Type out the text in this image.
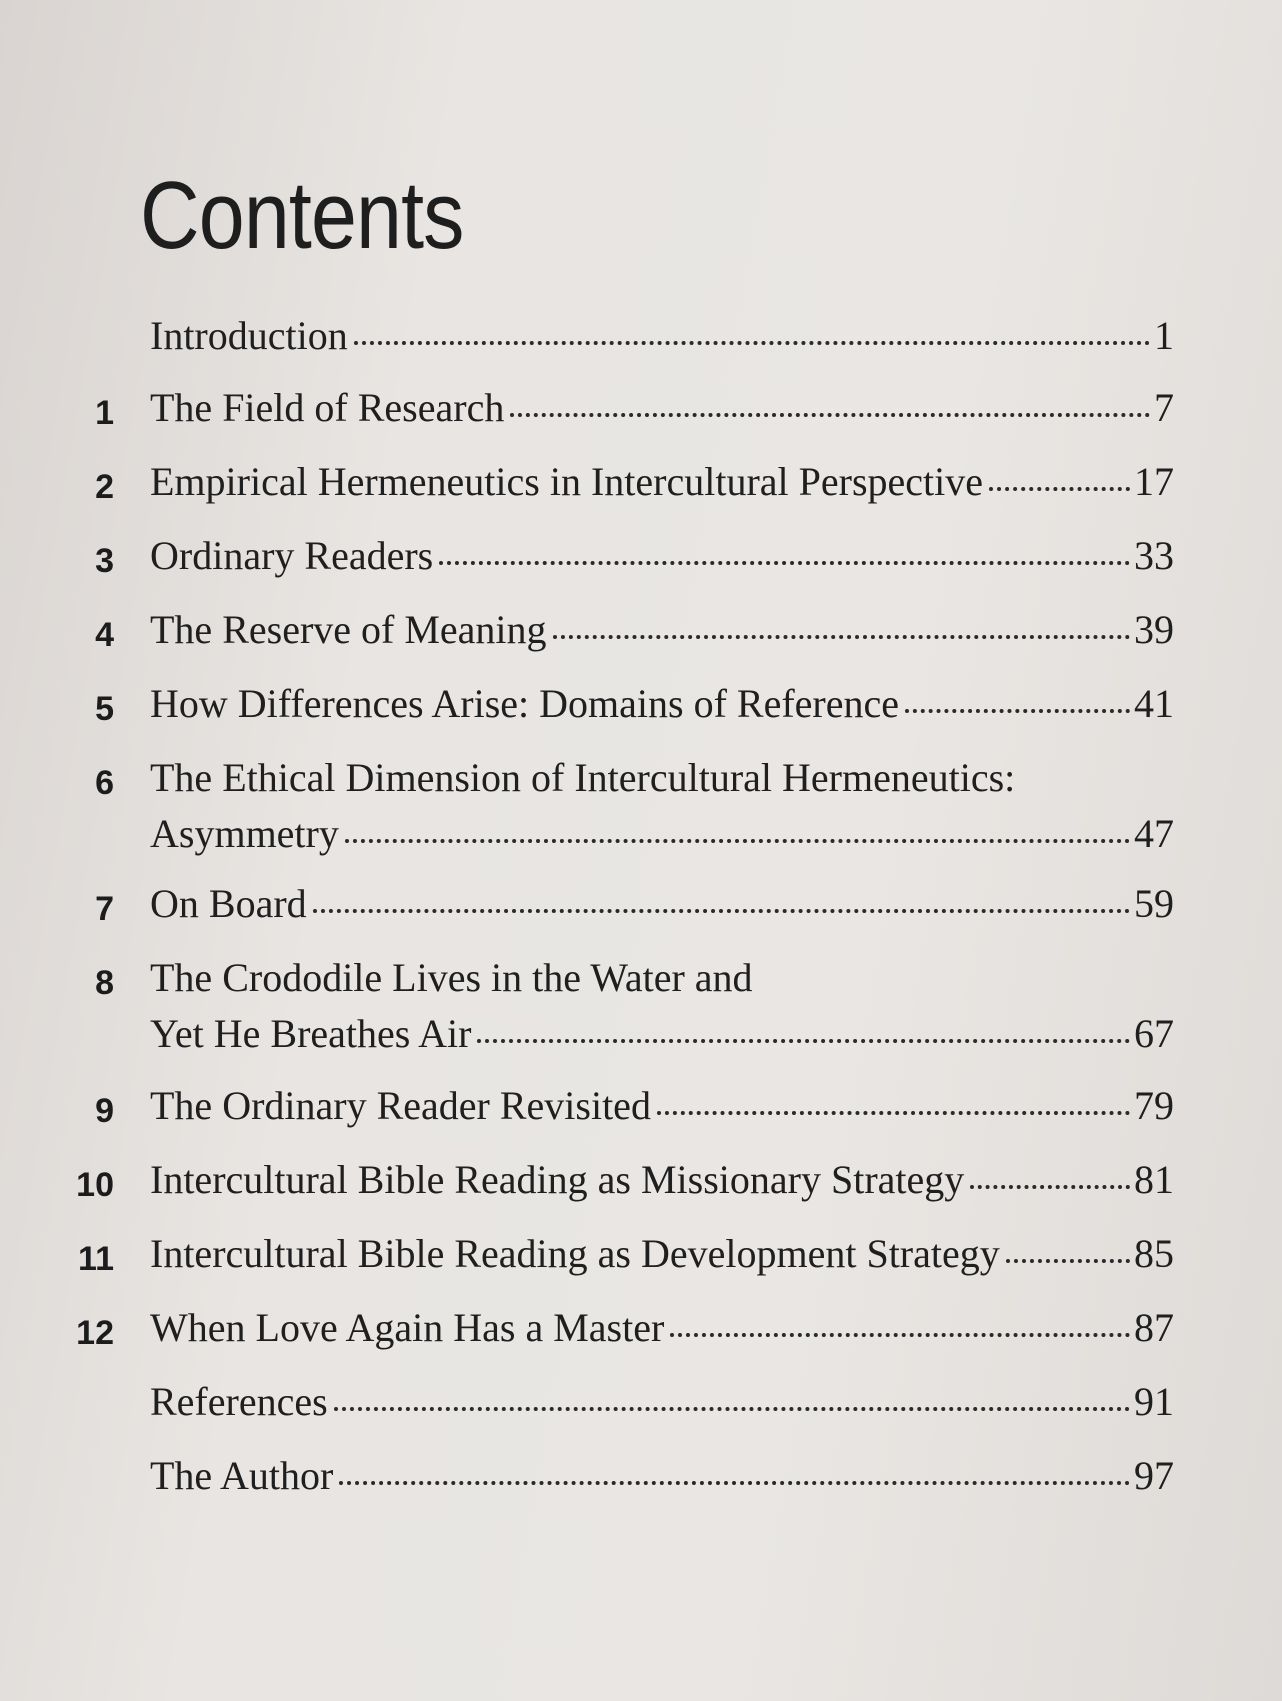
Contents
Introduction	1
1 The Field of Research	7
2 Empirical Hermeneutics in Intercultural Perspective	17
3 Ordinary Readers	33
4 The Reserve of Meaning	39
5 How Differences Arise: Domains of Reference	41
6 The Ethical Dimension of Intercultural Hermeneutics:
Asymmetry	47
7 On Board	59
8 The Crododile Lives in the Water and
Yet He Breathes Air	67
9 The Ordinary Reader Revisited	79
10 Intercultural Bible Reading as Missionary Strategy	81
11 Intercultural Bible Reading as Development Strategy	85
12 When Love Again Has a Master	87
References	91
The Author	97
